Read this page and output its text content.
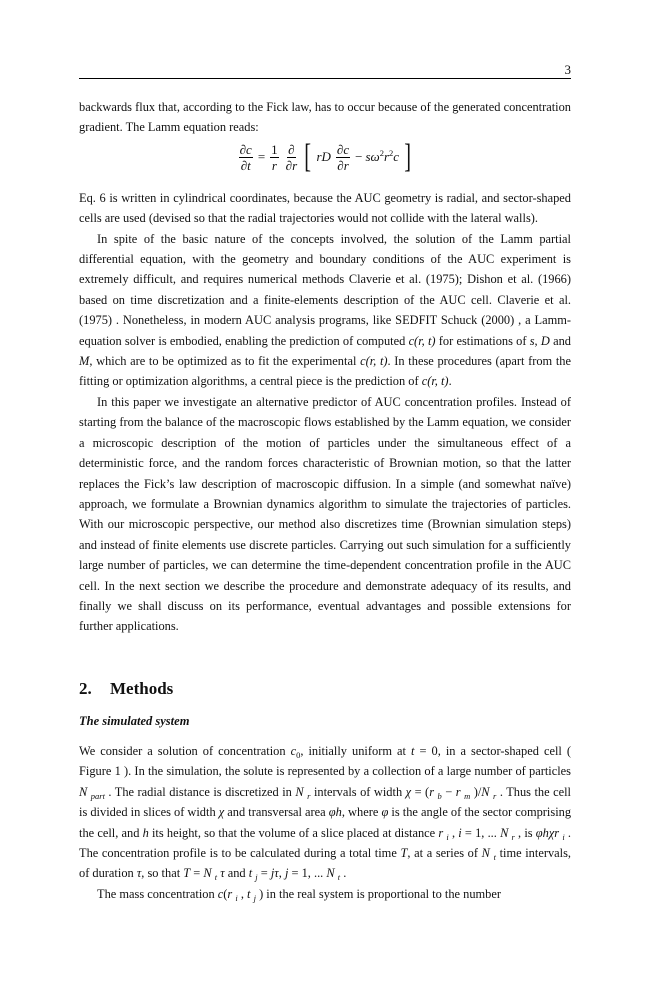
3

backwards flux that, according to the Fick law, has to occur because of the generated concentration gradient. The Lamm equation reads:

$\frac{\partial c}{\partial t} = \frac{1}{r} \frac{\partial}{\partial r}$ [ rD $\frac{\partial c}{\partial r} - s\omega^2r^2c$ ]

Eq. 6 is written in cylindrical coordinates, because the AUC geometry is radial, and sector-shaped cells are used (devised so that the radial trajectories would not collide with the lateral walls).

In spite of the basic nature of the concepts involved, the solution of the Lamm partial differential equation, with the geometry and boundary conditions of the AUC experiment is extremely difficult, and requires numerical methods Claverie et al. (1975); Dishon et al. (1966) based on time discretization and a finite-elements description of the AUC cell. Claverie et al. (1975) . Nonetheless, in modern AUC analysis programs, like SEDFIT Schuck (2000) , a Lamm-equation solver is embodied, enabling the prediction of computed c(r, t) for estimations of s, D and M, which are to be optimized as to fit the experimental c(r, t). In these procedures (apart from the fitting or optimization algorithms, a central piece is the prediction of c(r, t).

In this paper we investigate an alternative predictor of AUC concentration profiles. Instead of starting from the balance of the macroscopic flows established by the Lamm equation, we consider a microscopic description of the motion of particles under the simultaneous effect of a deterministic force, and the random forces characteristic of Brownian motion, so that the latter replaces the Fick’s law description of macroscopic diffusion. In a simple (and somewhat naïve) approach, we formulate a Brownian dynamics algorithm to simulate the trajectories of particles. With our microscopic perspective, our method also discretizes time (Brownian simulation steps) and instead of finite elements use discrete particles. Carrying out such simulation for a sufficiently large number of particles, we can determine the time-dependent concentration profile in the AUC cell. In the next section we describe the procedure and demonstrate adequacy of its results, and finally we shall discuss on its performance, eventual advantages and possible extensions for further applications.

2. Methods
The simulated system

We consider a solution of concentration $c_0$, initially uniform at t = 0, in a sector-shaped cell ( Figure 1 ). In the simulation, the solute is represented by a collection of a large number of particles N $_{part}$ . The radial distance is discretized in N $_r$ intervals of width χ = (r $_b$ − r $_m$ )/N $_r$ . Thus the cell is divided in slices of width χ and transversal area φh, where φ is the angle of the sector comprising the cell, and h its height, so that the volume of a slice placed at distance r $_i$ , i = 1, ... N $_r$ , is φhχr $_i$ . The concentration profile is to be calculated during a total time T, at a series of N $_t$ time intervals, of duration τ, so that T = N $_t$ τ and t $_j$ = jτ, j = 1, ... N $_t$ .

The mass concentration c(r $_i$ , t $_j$ ) in the real system is proportional to the number
